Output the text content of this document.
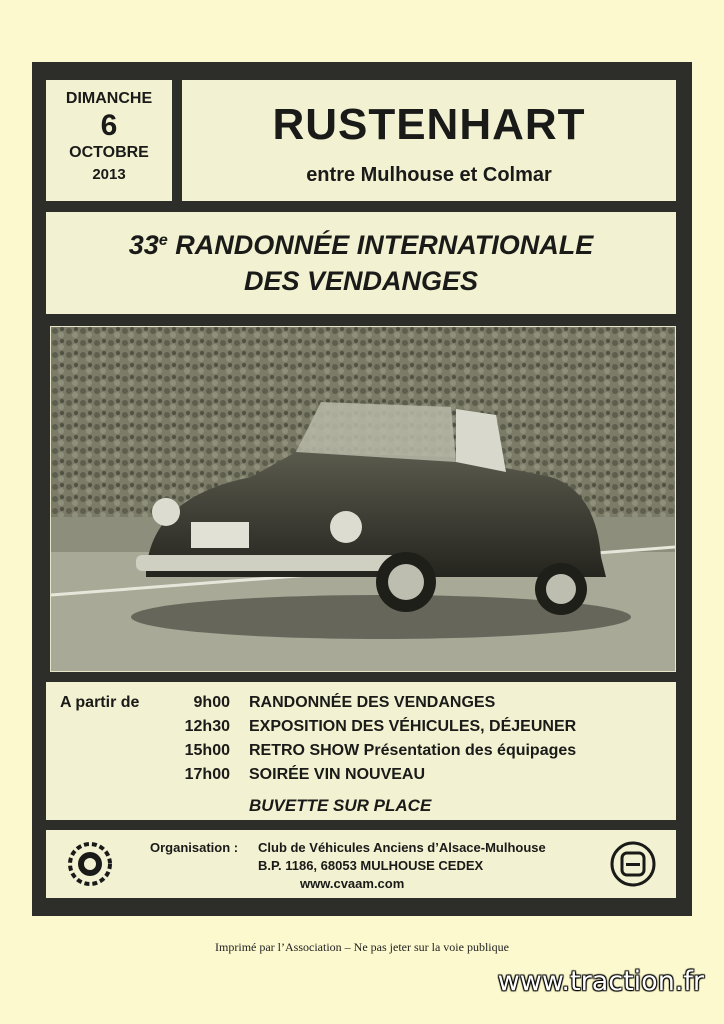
DIMANCHE
6
OCTOBRE
2013
RUSTENHART
entre Mulhouse et Colmar
33e RANDONNÉE INTERNATIONALE
DES VENDANGES
A partir de	9h00 RANDONNÉE DES VENDANGES
12h30 EXPOSITION DES VÉHICULES, DÉJEUNER
15h00 RETRO SHOW Présentation des équipages
17h00 SOIRÉE VIN NOUVEAU
BUVETTE SUR PLACE
Organisation : Club de Véhicules Anciens d’Alsace-Mulhouse
B.P. 1186, 68053 MULHOUSE CEDEX
www.cvaam.com
Imprimé par l’Association – Ne pas jeter sur la voie publique
www.traction.fr
